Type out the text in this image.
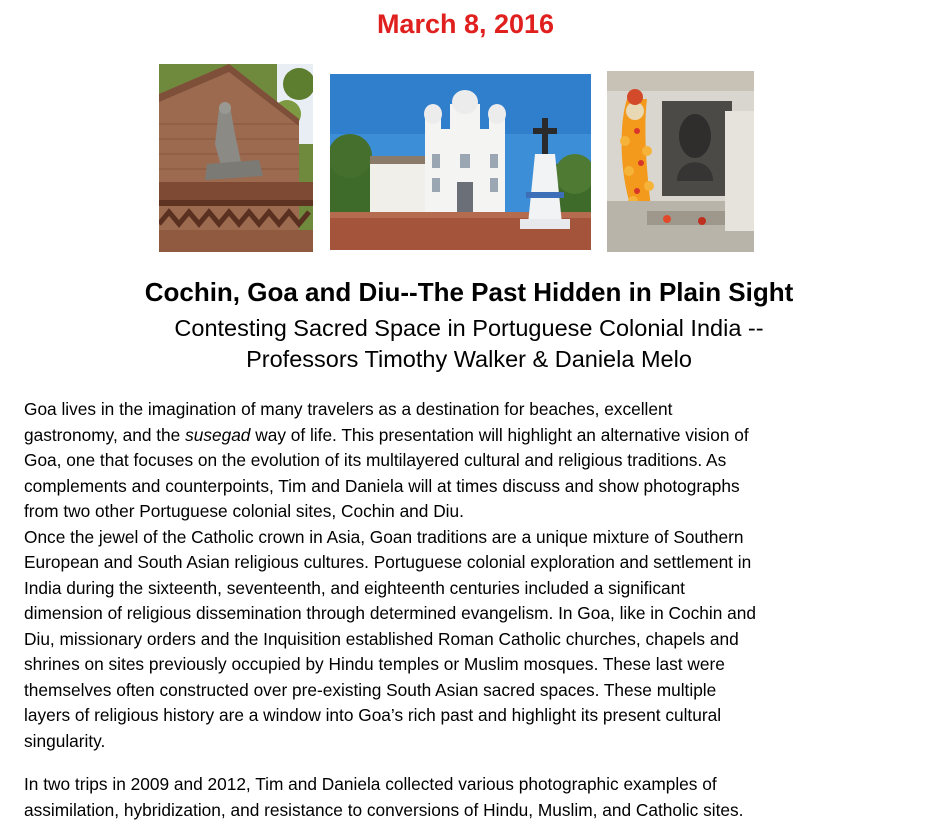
March 8, 2016
Cochin, Goa and Diu--The Past Hidden in Plain Sight
Contesting Sacred Space in Portuguese Colonial India --
Professors Timothy Walker & Daniela Melo
Goa lives in the imagination of many travelers as a destination for beaches, excellent
gastronomy, and the susegad way of life. This presentation will highlight an alternative vision of
Goa, one that focuses on the evolution of its multilayered cultural and religious traditions. As
complements and counterpoints, Tim and Daniela will at times discuss and show photographs
from two other Portuguese colonial sites, Cochin and Diu.
Once the jewel of the Catholic crown in Asia, Goan traditions are a unique mixture of Southern
European and South Asian religious cultures. Portuguese colonial exploration and settlement in
India during the sixteenth, seventeenth, and eighteenth centuries included a significant
dimension of religious dissemination through determined evangelism. In Goa, like in Cochin and
Diu, missionary orders and the Inquisition established Roman Catholic churches, chapels and
shrines on sites previously occupied by Hindu temples or Muslim mosques. These last were
themselves often constructed over pre-existing South Asian sacred spaces. These multiple
layers of religious history are a window into Goa’s rich past and highlight its present cultural
singularity.
In two trips in 2009 and 2012, Tim and Daniela collected various photographic examples of
assimilation, hybridization, and resistance to conversions of Hindu, Muslim, and Catholic sites.
